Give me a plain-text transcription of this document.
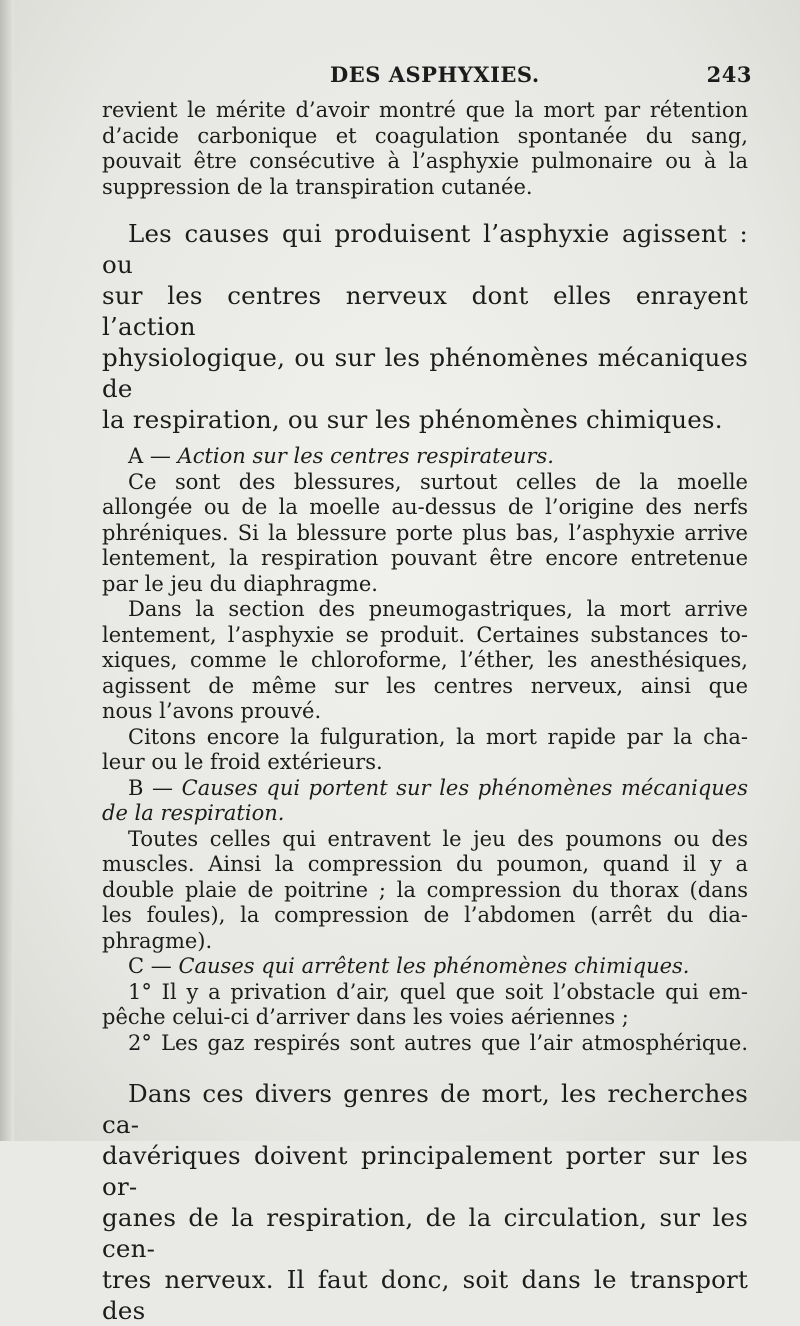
DES ASPHYXIES.	243
revient le mérite d’avoir montré que la mort par rétention
d’acide carbonique et coagulation spontanée du sang,
pouvait être consécutive à l’asphyxie pulmonaire ou à la
suppression de la transpiration cutanée.
Les causes qui produisent l’asphyxie agissent : ou
sur les centres nerveux dont elles enrayent l’action
physiologique, ou sur les phénomènes mécaniques de
la respiration, ou sur les phénomènes chimiques.
A — Action sur les centres respirateurs.
Ce sont des blessures, surtout celles de la moelle
allongée ou de la moelle au-dessus de l’origine des nerfs
phréniques. Si la blessure porte plus bas, l’asphyxie arrive
lentement, la respiration pouvant être encore entretenue
par le jeu du diaphragme.
Dans la section des pneumogastriques, la mort arrive
lentement, l’asphyxie se produit. Certaines substances to-
xiques, comme le chloroforme, l’éther, les anesthésiques,
agissent de même sur les centres nerveux, ainsi que
nous l’avons prouvé.
Citons encore la fulguration, la mort rapide par la cha-
leur ou le froid extérieurs.
B — Causes qui portent sur les phénomènes mécaniques
de la respiration.
Toutes celles qui entravent le jeu des poumons ou des
muscles. Ainsi la compression du poumon, quand il y a
double plaie de poitrine ; la compression du thorax (dans
les foules), la compression de l’abdomen (arrêt du dia-
phragme).
C — Causes qui arrêtent les phénomènes chimiques.
1° Il y a privation d’air, quel que soit l’obstacle qui em-
pêche celui-ci d’arriver dans les voies aériennes ;
2° Les gaz respirés sont autres que l’air atmosphérique.
Dans ces divers genres de mort, les recherches ca-
davériques doivent principalement porter sur les or-
ganes de la respiration, de la circulation, sur les cen-
tres nerveux. Il faut donc, soit dans le transport des
